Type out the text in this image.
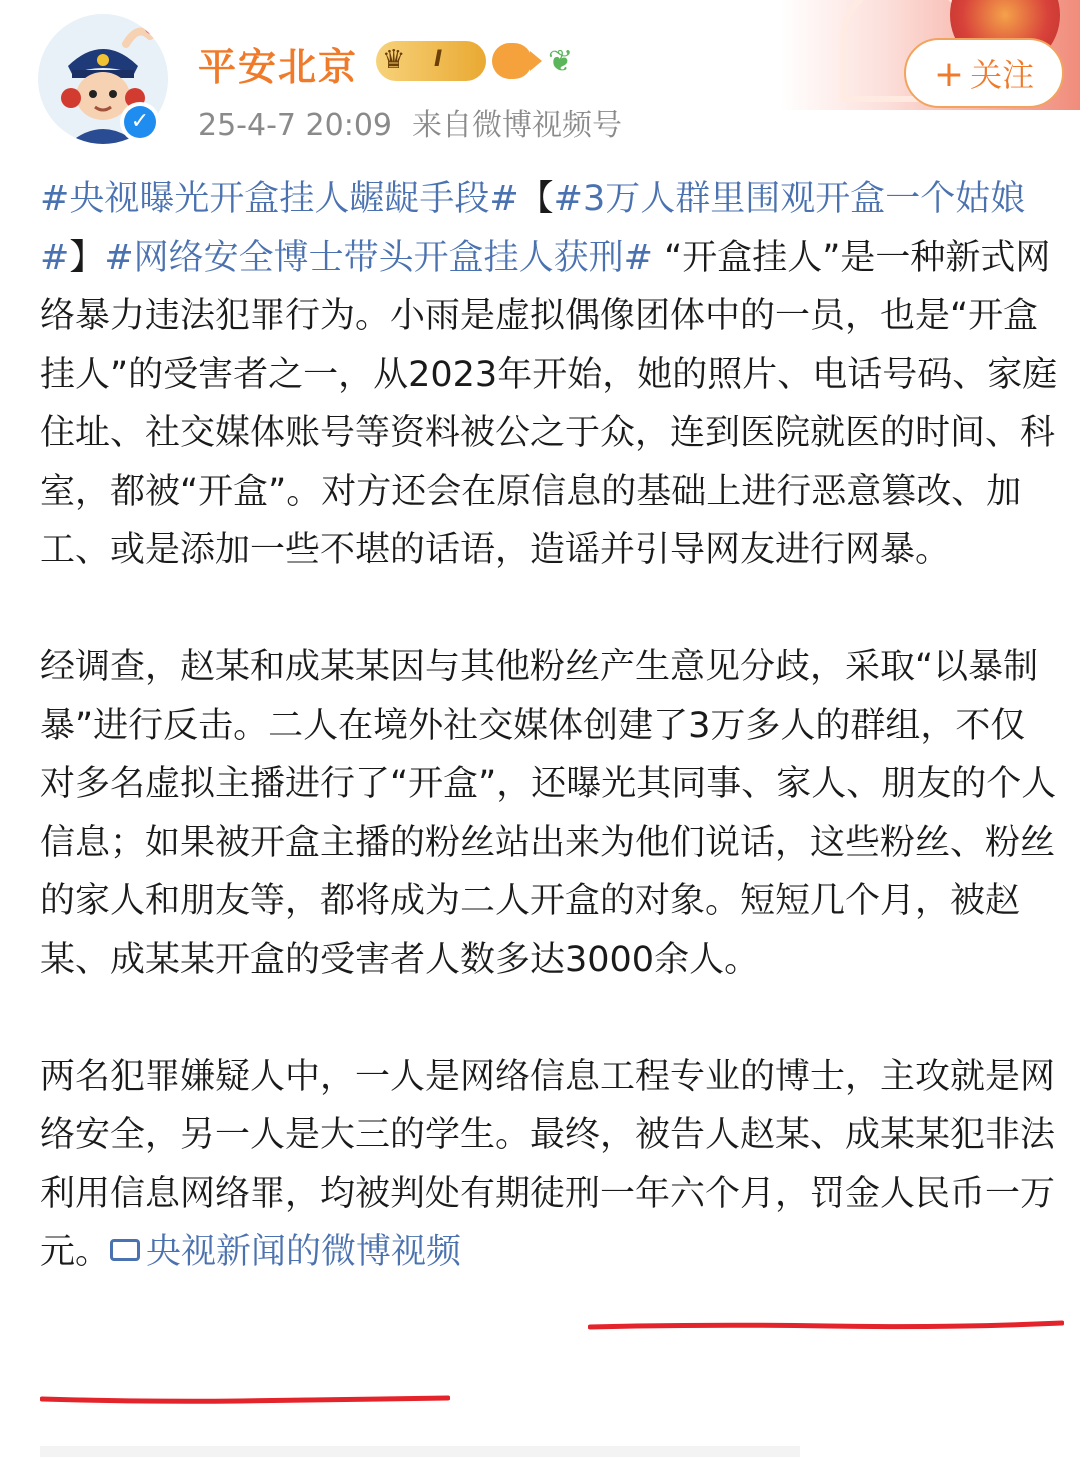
✓
平安北京 ♛ I	❦
25-4-7 20:09 来自微博视频号
+ 关注

#央视曝光开盒挂人龌龊手段#【#3万人群里围观开盒一个姑娘#】#网络安全博士带头开盒挂人获刑# “开盒挂人”是一种新式网络暴力违法犯罪行为。小雨是虚拟偶像团体中的一员，也是“开盒挂人”的受害者之一，从2023年开始，她的照片、电话号码、家庭住址、社交媒体账号等资料被公之于众，连到医院就医的时间、科室，都被“开盒”。对方还会在原信息的基础上进行恶意篡改、加工、或是添加一些不堪的话语，造谣并引导网友进行网暴。

经调查，赵某和成某某因与其他粉丝产生意见分歧，采取“以暴制暴”进行反击。二人在境外社交媒体创建了3万多人的群组，不仅对多名虚拟主播进行了“开盒”，还曝光其同事、家人、朋友的个人信息；如果被开盒主播的粉丝站出来为他们说话，这些粉丝、粉丝的家人和朋友等，都将成为二人开盒的对象。短短几个月，被赵某、成某某开盒的受害者人数多达3000余人。

两名犯罪嫌疑人中，一人是网络信息工程专业的博士，主攻就是网络安全，另一人是大三的学生。最终，被告人赵某、成某某犯非法利用信息网络罪，均被判处有期徒刑一年六个月，罚金人民币一万元。 央视新闻的微博视频
